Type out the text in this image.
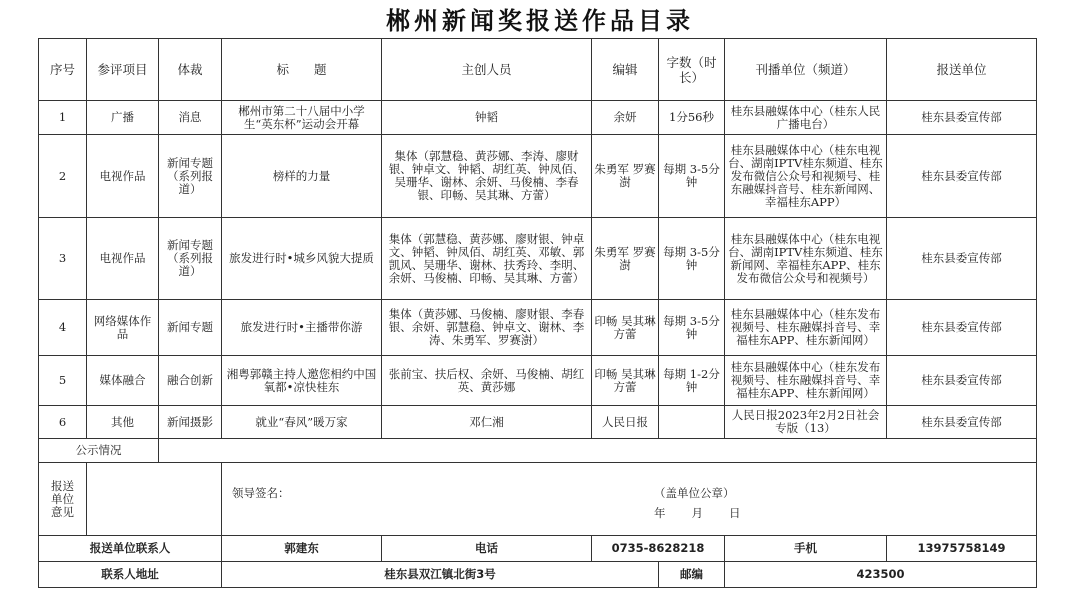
郴州新闻奖报送作品目录
序号	参评项目	体裁	标　　题	主创人员	编辑	字数（时长）	刊播单位（频道）	报送单位
1	广播	消息	郴州市第二十八届中小学生“英东杯”运动会开幕	钟韬	余妍	1分56秒	桂东县融媒体中心（桂东人民广播电台）	桂东县委宣传部
2	电视作品	新闻专题（系列报道）	榜样的力量	集体（郭慧稳、黄莎娜、李涛、廖财银、钟卓文、钟韬、胡红英、钟凤佰、吴珊华、谢林、余妍、马俊楠、李春银、印畅、吴其琳、方蕾）	朱勇军 罗赛澍	每期 3-5分钟	桂东县融媒体中心（桂东电视台、湖南IPTV桂东频道、桂东发布微信公众号和视频号、桂东融媒抖音号、桂东新闻网、幸福桂东APP）	桂东县委宣传部
3	电视作品	新闻专题（系列报道）	旅发进行时•城乡风貌大提质	集体（郭慧稳、黄莎娜、廖财银、钟卓文、钟韬、钟凤佰、胡红英、邓敏、郭凯风、吴珊华、谢林、扶秀玲、李明、余妍、马俊楠、印畅、吴其琳、方蕾）	朱勇军 罗赛澍	每期 3-5分钟	桂东县融媒体中心（桂东电视台、湖南IPTV桂东频道、桂东新闻网、幸福桂东APP、桂东发布微信公众号和视频号）	桂东县委宣传部
4	网络媒体作品	新闻专题	旅发进行时•主播带你游	集体（黄莎娜、马俊楠、廖财银、李春银、余妍、郭慧稳、钟卓文、谢林、李涛、朱勇军、罗赛澍）	印畅 吴其琳 方蕾	每期 3-5分钟	桂东县融媒体中心（桂东发布视频号、桂东融媒抖音号、幸福桂东APP、桂东新闻网）	桂东县委宣传部
5	媒体融合	融合创新	湘粤郭赣主持人邀您相约中国氧都•凉快桂东	张前宝、扶后权、余妍、马俊楠、胡红英、黄莎娜	印畅 吴其琳 方蕾	每期 1-2分钟	桂东县融媒体中心（桂东发布视频号、桂东融媒抖音号、幸福桂东APP、桂东新闻网）	桂东县委宣传部
6	其他	新闻摄影	就业“春风”暖万家	邓仁湘	人民日报		人民日报2023年2月2日社会专版（13）	桂东县委宣传部
公示情况								
报送单位意见			领导签名： （盖单位公章）
年　　月　　日					

报送单位联系人			郭建东	电话	0735-8628218		手机	13975758149
联系人地址			桂东县双江镇北街3号			邮编	423500	
